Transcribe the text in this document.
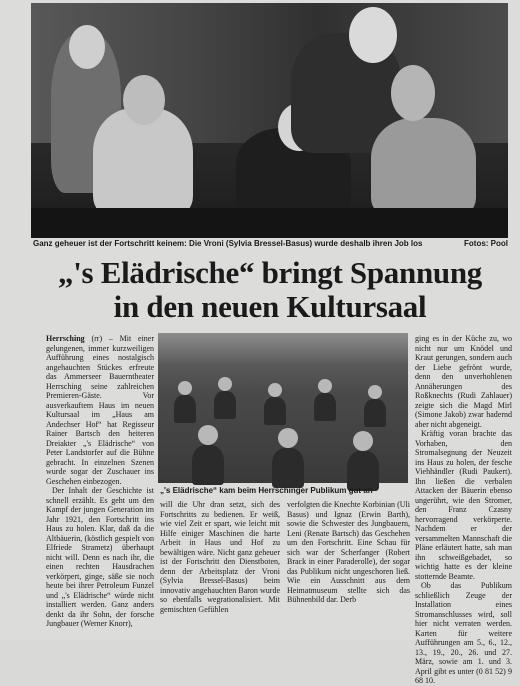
Ganz geheuer ist der Fortschritt keinem: Die Vroni (Sylvia Bressel-Basus) wurde deshalb ihren Job los	Fotos: Pool
„'s Elädrische“ bringt Spannung
in den neuen Kultursaal

Herrsching (rr) – Mit einer gelungenen, immer kurzweiligen Aufführung eines nostalgisch angehauchten Stückes erfreute das Ammerseer Bauerntheater Herrsching seine zahlreichen Premieren-Gäste. Vor ausverkauftem Haus im neuen Kultursaal im „Haus am Andechser Hof“ hat Regisseur Rainer Bartsch den heiteren Dreiakter „'s Elädrische“ von Peter Landstorfer auf die Bühne gebracht. In einzelnen Szenen wurde sogar der Zuschauer ins Geschehen einbezogen.

Der Inhalt der Geschichte ist schnell erzählt. Es geht um den Kampf der jungen Generation im Jahr 1921, den Fortschritt ins Haus zu holen. Klar, daß da die Altbäuerin, (köstlich gespielt von Elfriede Strametz) überhaupt nicht will. Denn es nach ihr, die einen rechten Hausdrachen verkörpert, ginge, säße sie noch heute bei ihrer Petroleum Funzel und „'s Elädrische“ würde nicht installiert werden. Ganz anders denkt da ihr Sohn, der forsche Jungbauer (Werner Knorr),

„'s Elädrische“ kam beim Herrschinger Publikum gut an

will die Uhr dran setzt, sich des Fortschritts zu bedienen. Er weiß, wie viel Zeit er spart, wie leicht mit Hilfe einiger Maschinen die harte Arbeit in Haus und Hof zu bewältigen wäre. Nicht ganz geheuer ist der Fortschritt den Dienstboten, denn der Arbeitsplatz der Vroni (Sylvia Bressel-Basus) beim innovativ angehauchten Baron wurde so ebenfalls wegrationalisiert. Mit gemischten Gefühlen

verfolgten die Knechte Korbinian (Uli Basus) und Ignaz (Erwin Barth), sowie die Schwester des Jungbauern, Leni (Renate Bartsch) das Geschehen um den Fortschritt. Eine Schau für sich war der Scherfanger (Robert Brack in einer Paraderolle), der sogar das Publikum nicht ungeschoren ließ. Wie ein Ausschnitt aus dem Heimatmuseum stellte sich das Bühnenbild dar. Derb

ging es in der Küche zu, wo nicht nur um Knödel und Kraut gerungen, sondern auch der Liebe gefrönt wurde, denn den unverhohlenen Annäherungen des Roßknechts (Rudi Zahlauer) zeigte sich die Magd Mirl (Simone Jakob) zwar hadernd aber nicht abgeneigt.

Kräftig voran brachte das Vorhaben, den Stromalsegnung der Neuzeit ins Haus zu holen, der fesche Viehhändler (Rudi Paukert). Ihn ließen die verbalen Attacken der Bäuerin ebenso ungerührt, wie den Stromer, den Franz Czasny hervorragend verkörperte. Nachdem er der versammelten Mannschaft die Pläne erläutert hatte, sah man ihn schweißgebadet, so wichtig hatte es der kleine stotternde Beamte.

Ob das Publikum schließlich Zeuge der Installation eines Stromanschlusses wird, soll hier nicht verraten werden. Karten für weitere Aufführungen am 5., 6., 12., 13., 19., 20., 26. und 27. März, sowie am 1. und 3. April gibt es unter (0 81 52) 9 68 10.
